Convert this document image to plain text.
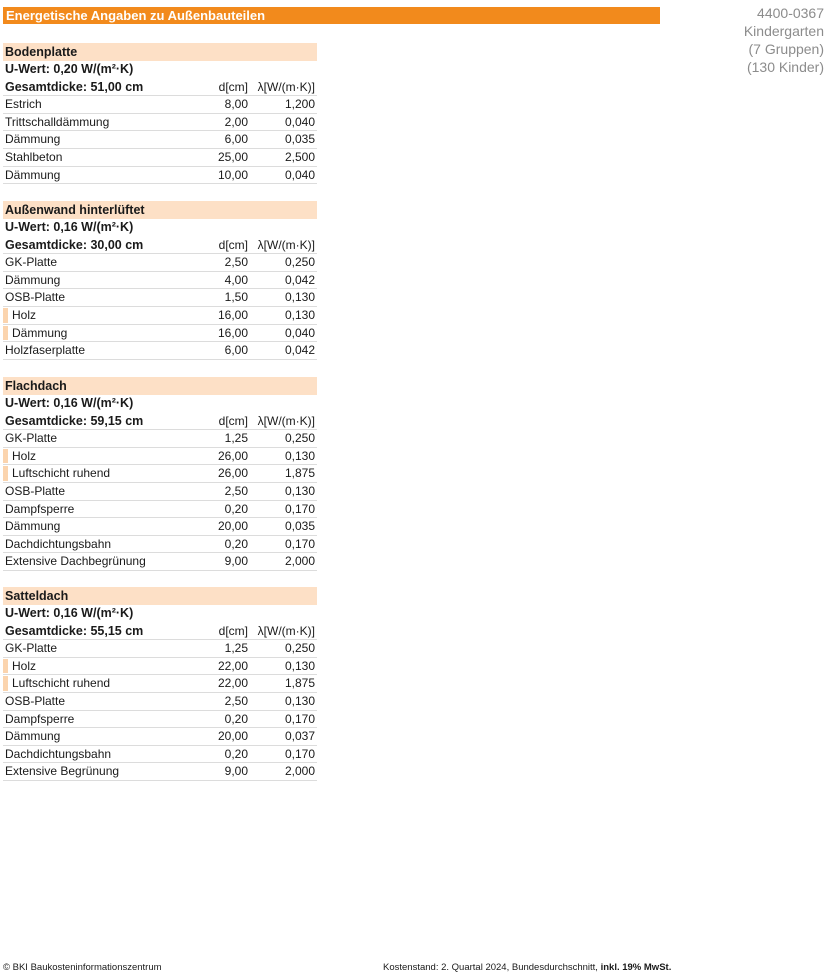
Energetische Angaben zu Außenbauteilen	4400-0367
Kindergarten
(7 Gruppen)
(130 Kinder)
Bodenplatte
U-Wert: 0,20 W/(m²·K)
Gesamtdicke: 51,00 cm	d[cm] λ[W/(m·K)]
Estrich	8,00	1,200
Trittschalldämmung	2,00	0,040
Dämmung	6,00	0,035
Stahlbeton	25,00	2,500
Dämmung	10,00	0,040
Außenwand hinterlüftet
U-Wert: 0,16 W/(m²·K)
Gesamtdicke: 30,00 cm	d[cm] λ[W/(m·K)]
GK-Platte	2,50	0,250
Dämmung	4,00	0,042
OSB-Platte	1,50	0,130
Holz	16,00	0,130
Dämmung	16,00	0,040
Holzfaserplatte	6,00	0,042
Flachdach
U-Wert: 0,16 W/(m²·K)
Gesamtdicke: 59,15 cm	d[cm] λ[W/(m·K)]
GK-Platte	1,25	0,250
Holz	26,00	0,130
Luftschicht ruhend	26,00	1,875
OSB-Platte	2,50	0,130
Dampfsperre	0,20	0,170
Dämmung	20,00	0,035
Dachdichtungsbahn	0,20	0,170
Extensive Dachbegrünung	9,00	2,000
Satteldach
U-Wert: 0,16 W/(m²·K)
Gesamtdicke: 55,15 cm	d[cm] λ[W/(m·K)]
GK-Platte	1,25	0,250
Holz	22,00	0,130
Luftschicht ruhend	22,00	1,875
OSB-Platte	2,50	0,130
Dampfsperre	0,20	0,170
Dämmung	20,00	0,037
Dachdichtungsbahn	0,20	0,170
Extensive Begrünung	9,00	2,000
© BKI Baukosteninformationszentrum	Kostenstand: 2. Quartal 2024, Bundesdurchschnitt, inkl. 19% MwSt.
